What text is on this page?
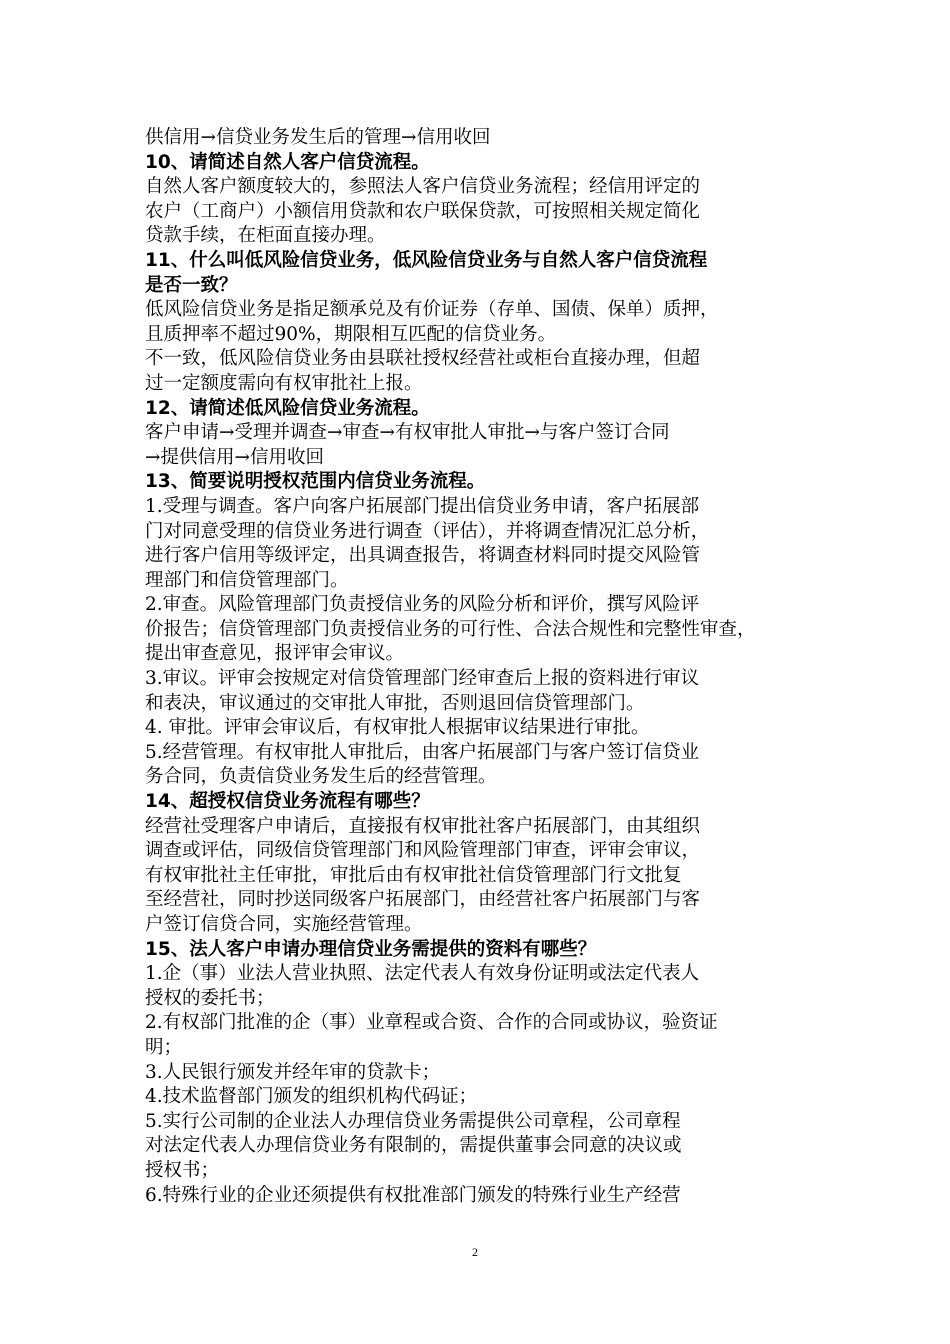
供信用→信贷业务发生后的管理→信用收回

10、请简述自然人客户信贷流程。

自然人客户额度较大的，参照法人客户信贷业务流程；经信用评定的

农户（工商户）小额信用贷款和农户联保贷款，可按照相关规定简化

贷款手续，在柜面直接办理。

11、什么叫低风险信贷业务，低风险信贷业务与自然人客户信贷流程

是否一致？

低风险信贷业务是指足额承兑及有价证券（存单、国债、保单）质押，

且质押率不超过90%，期限相互匹配的信贷业务。

不一致，低风险信贷业务由县联社授权经营社或柜台直接办理，但超

过一定额度需向有权审批社上报。

12、请简述低风险信贷业务流程。

客户申请→受理并调查→审查→有权审批人审批→与客户签订合同

→提供信用→信用收回

13、简要说明授权范围内信贷业务流程。

1.受理与调查。客户向客户拓展部门提出信贷业务申请，客户拓展部

门对同意受理的信贷业务进行调查（评估），并将调查情况汇总分析，

进行客户信用等级评定，出具调查报告，将调查材料同时提交风险管

理部门和信贷管理部门。

2.审查。风险管理部门负责授信业务的风险分析和评价，撰写风险评

价报告；信贷管理部门负责授信业务的可行性、合法合规性和完整性审查，

提出审查意见，报评审会审议。

3.审议。评审会按规定对信贷管理部门经审查后上报的资料进行审议

和表决，审议通过的交审批人审批，否则退回信贷管理部门。

4. 审批。评审会审议后，有权审批人根据审议结果进行审批。

5.经营管理。有权审批人审批后，由客户拓展部门与客户签订信贷业

务合同，负责信贷业务发生后的经营管理。

14、超授权信贷业务流程有哪些？

经营社受理客户申请后，直接报有权审批社客户拓展部门，由其组织

调查或评估，同级信贷管理部门和风险管理部门审查，评审会审议，

有权审批社主任审批，审批后由有权审批社信贷管理部门行文批复

至经营社，同时抄送同级客户拓展部门，由经营社客户拓展部门与客

户签订信贷合同，实施经营管理。

15、法人客户申请办理信贷业务需提供的资料有哪些？

1.企（事）业法人营业执照、法定代表人有效身份证明或法定代表人

授权的委托书；

2.有权部门批准的企（事）业章程或合资、合作的合同或协议，验资证

明；

3.人民银行颁发并经年审的贷款卡；

4.技术监督部门颁发的组织机构代码证；

5.实行公司制的企业法人办理信贷业务需提供公司章程，公司章程

对法定代表人办理信贷业务有限制的，需提供董事会同意的决议或

授权书；

6.特殊行业的企业还须提供有权批准部门颁发的特殊行业生产经营

2
